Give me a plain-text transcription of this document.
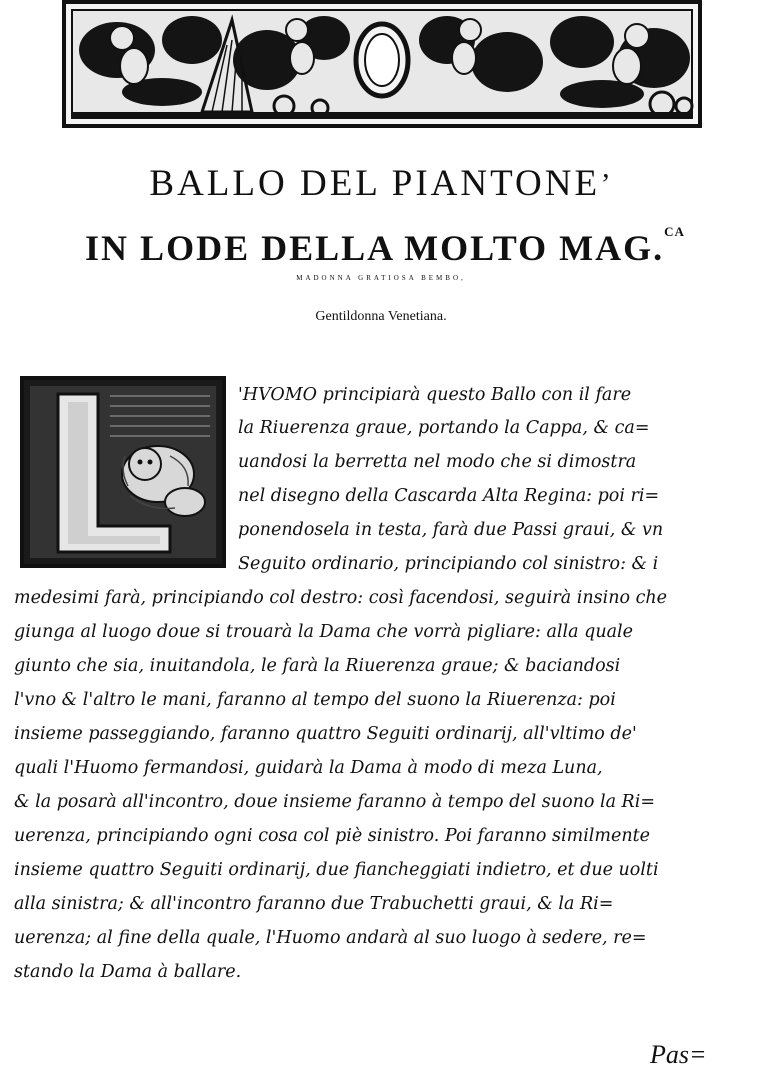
BALLO DEL PIANTONE,
IN LODE DELLA MOLTO MAG.$^{CA}$
MADONNA GRATIOSA BEMBO,
Gentildonna Venetiana.
'HVOMO principiarà questo Ballo con il fare
la Riuerenza graue, portando la Cappa, & ca=
uandosi la berretta nel modo che si dimostra
nel disegno della Cascarda Alta Regina: poi ri=
ponendosela in testa, farà due Passi graui, & vn
Seguito ordinario, principiando col sinistro: & i
medesimi farà, principiando col destro: così facendosi, seguirà insino che
giunga al luogo doue si trouarà la Dama che vorrà pigliare: alla quale
giunto che sia, inuitandola, le farà la Riuerenza graue; & baciandosi
l'vno & l'altro le mani, faranno al tempo del suono la Riuerenza: poi
insieme passeggiando, faranno quattro Seguiti ordinarij, all'vltimo de'
quali l'Huomo fermandosi, guidarà la Dama à modo di meza Luna,
& la posarà all'incontro, doue insieme faranno à tempo del suono la Ri=
uerenza, principiando ogni cosa col piè sinistro. Poi faranno similmente
insieme quattro Seguiti ordinarij, due fiancheggiati indietro, et due uolti
alla sinistra; & all'incontro faranno due Trabuchetti graui, & la Ri=
uerenza; al fine della quale, l'Huomo andarà al suo luogo à sedere, re=
stando la Dama à ballare.
Pas=
